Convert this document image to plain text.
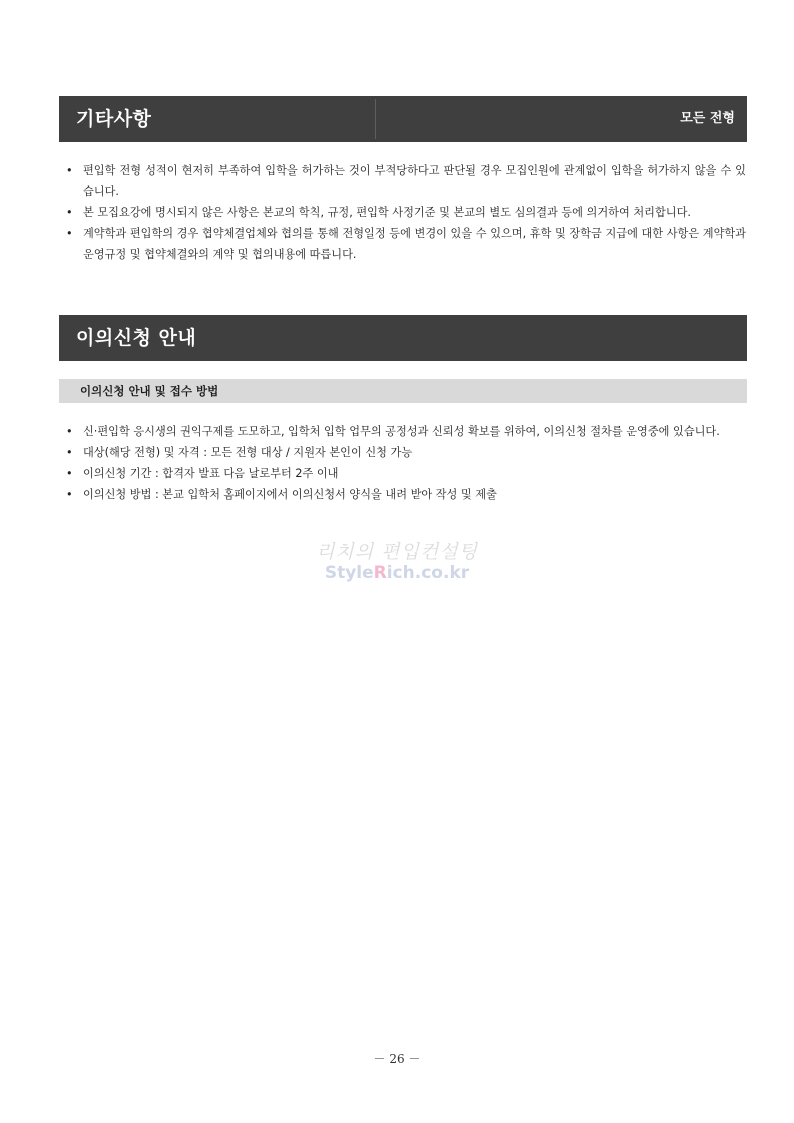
기타사항	모든 전형
• 편입학 전형 성적이 현저히 부족하여 입학을 허가하는 것이 부적당하다고 판단될 경우 모집인원에 관계없이 입학을 허가하지 않을 수 있습니다.
• 본 모집요강에 명시되지 않은 사항은 본교의 학칙, 규정, 편입학 사정기준 및 본교의 별도 심의결과 등에 의거하여 처리합니다.
• 계약학과 편입학의 경우 협약체결업체와 협의를 통해 전형일정 등에 변경이 있을 수 있으며, 휴학 및 장학금 지급에 대한 사항은 계약학과 운영규정 및 협약체결와의 계약 및 협의내용에 따릅니다.
이의신청 안내
이의신청 안내 및 접수 방법
• 신·편입학 응시생의 권익구제를 도모하고, 입학처 입학 업무의 공정성과 신뢰성 확보를 위하여, 이의신청 절차를 운영중에 있습니다.
• 대상(해당 전형) 및 자격 : 모든 전형 대상 / 지원자 본인이 신청 가능
• 이의신청 기간 : 합격자 발표 다음 날로부터 2주 이내
• 이의신청 방법 : 본교 입학처 홈페이지에서 이의신청서 양식을 내려 받아 작성 및 제출
리치의 편입컨설팅
StyleRich.co.kr
－ 26 －
